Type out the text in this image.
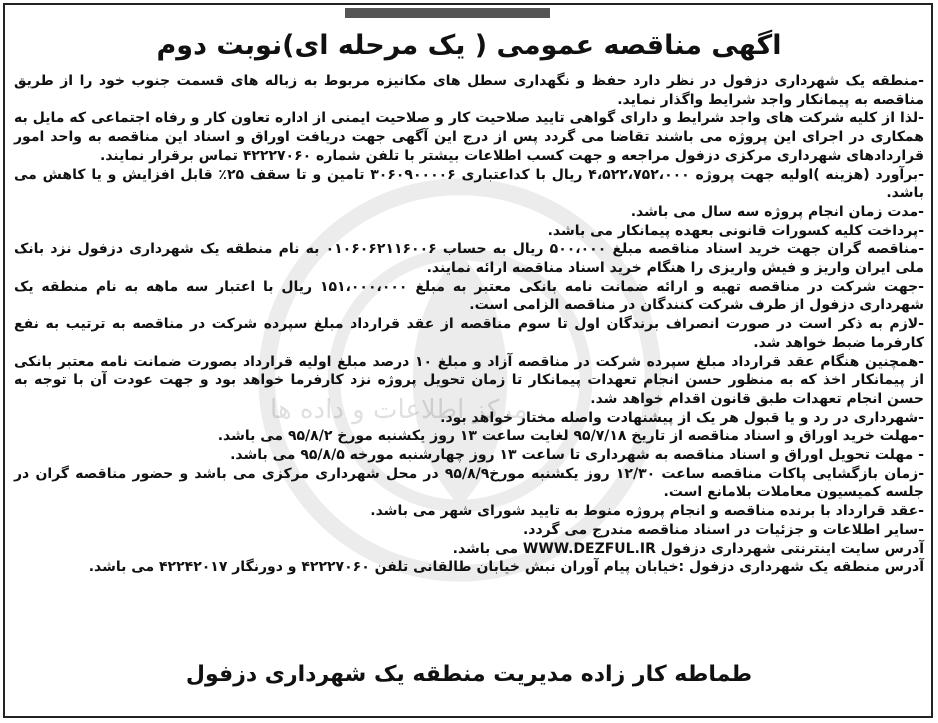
مرکز اطلاعات و داده ها
اگهی مناقصه عمومی ( یک مرحله ای)نوبت دوم

-منطقه یک شهرداری دزفول در نظر دارد حفظ و نگهداری سطل های مکانیزه مربوط به زباله های قسمت جنوب خود را از طریق مناقصه به پیمانکار واجد شرایط واگذار نماید.

-لذا از کلیه شرکت های واجد شرایط و دارای گواهی تایید صلاحیت کار و صلاحیت ایمنی از اداره تعاون کار و رفاه اجتماعی که مایل به همکاری در اجرای این پروژه می باشند تقاضا می گردد پس از درج این آگهی جهت دریافت اوراق و اسناد این مناقصه به واحد امور قراردادهای شهرداری مرکزی دزفول مراجعه و جهت کسب اطلاعات بیشتر با تلفن شماره ۴۲۲۲۷۰۶۰ تماس برقرار نمایند.

-برآورد (هزینه )اولیه جهت پروژه ۴،۵۲۲،۷۵۲،۰۰۰ ریال با کداعتباری ۳۰۶۰۹۰۰۰۰۶ تامین و تا سقف ۲۵٪ قابل افزایش و یا کاهش می باشد.

-مدت زمان انجام پروژه سه سال می باشد.

-پرداخت کلیه کسورات قانونی بعهده پیمانکار می باشد.

-مناقصه گران جهت خرید اسناد مناقصه مبلغ ۵۰۰،۰۰۰ ریال به حساب ۰۱۰۶۰۶۲۱۱۶۰۰۶ به نام منطقه یک شهرداری دزفول نزد بانک ملی ایران واریز و فیش واریزی را هنگام خرید اسناد مناقصه ارائه نمایند.

-جهت شرکت در مناقصه تهیه و ارائه ضمانت نامه بانکی معتبر به مبلغ ۱۵۱،۰۰۰،۰۰۰ ریال با اعتبار سه ماهه به نام منطقه یک شهرداری دزفول از طرف شرکت کنندگان در مناقصه الزامی است.

-لازم به ذکر است در صورت انصراف برندگان اول تا سوم مناقصه از عقد قرارداد مبلغ سپرده شرکت در مناقصه به ترتیب به نفع کارفرما ضبط خواهد شد.

-همچنین هنگام عقد قرارداد مبلغ سپرده شرکت در مناقصه آزاد و مبلغ ۱۰ درصد مبلغ اولیه قرارداد بصورت ضمانت نامه معتبر بانکی از پیمانکار اخذ که به منظور حسن انجام تعهدات پیمانکار تا زمان تحویل پروژه نزد کارفرما خواهد بود و جهت عودت آن با توجه به حسن انجام تعهدات طبق قانون اقدام خواهد شد.

-شهرداری در رد و یا قبول هر یک از پیشنهادت واصله مختار خواهد بود.

-مهلت خرید اوراق و اسناد مناقصه از تاریخ ۹۵/۷/۱۸ لغایت ساعت ۱۳ روز یکشنبه مورخ ۹۵/۸/۲ می باشد.

- مهلت تحویل اوراق و اسناد مناقصه به شهرداری تا ساعت ۱۳ روز چهارشنبه مورخه ۹۵/۸/۵ می باشد.

-زمان بازگشایی پاکات مناقصه ساعت ۱۲/۳۰ روز یکشنبه مورخ۹۵/۸/۹ در محل شهرداری مرکزی می باشد و حضور مناقصه گران در جلسه کمیسیون معاملات بلامانع است.

-عقد قرارداد با برنده مناقصه و انجام پروژه منوط به تایید شورای شهر می باشد.

-سایر اطلاعات و جزئیات در اسناد مناقصه مندرج می گردد.

آدرس سایت اینترنتی شهرداری دزفول WWW.DEZFUL.IR می باشد.

آدرس منطقه یک شهرداری دزفول :خیابان پیام آوران نبش خیابان طالقانی تلفن ۴۲۲۲۷۰۶۰ و دورنگار ۴۲۲۴۲۰۱۷ می باشد.

طماطه کار زاده مدیریت منطقه یک شهرداری دزفول
